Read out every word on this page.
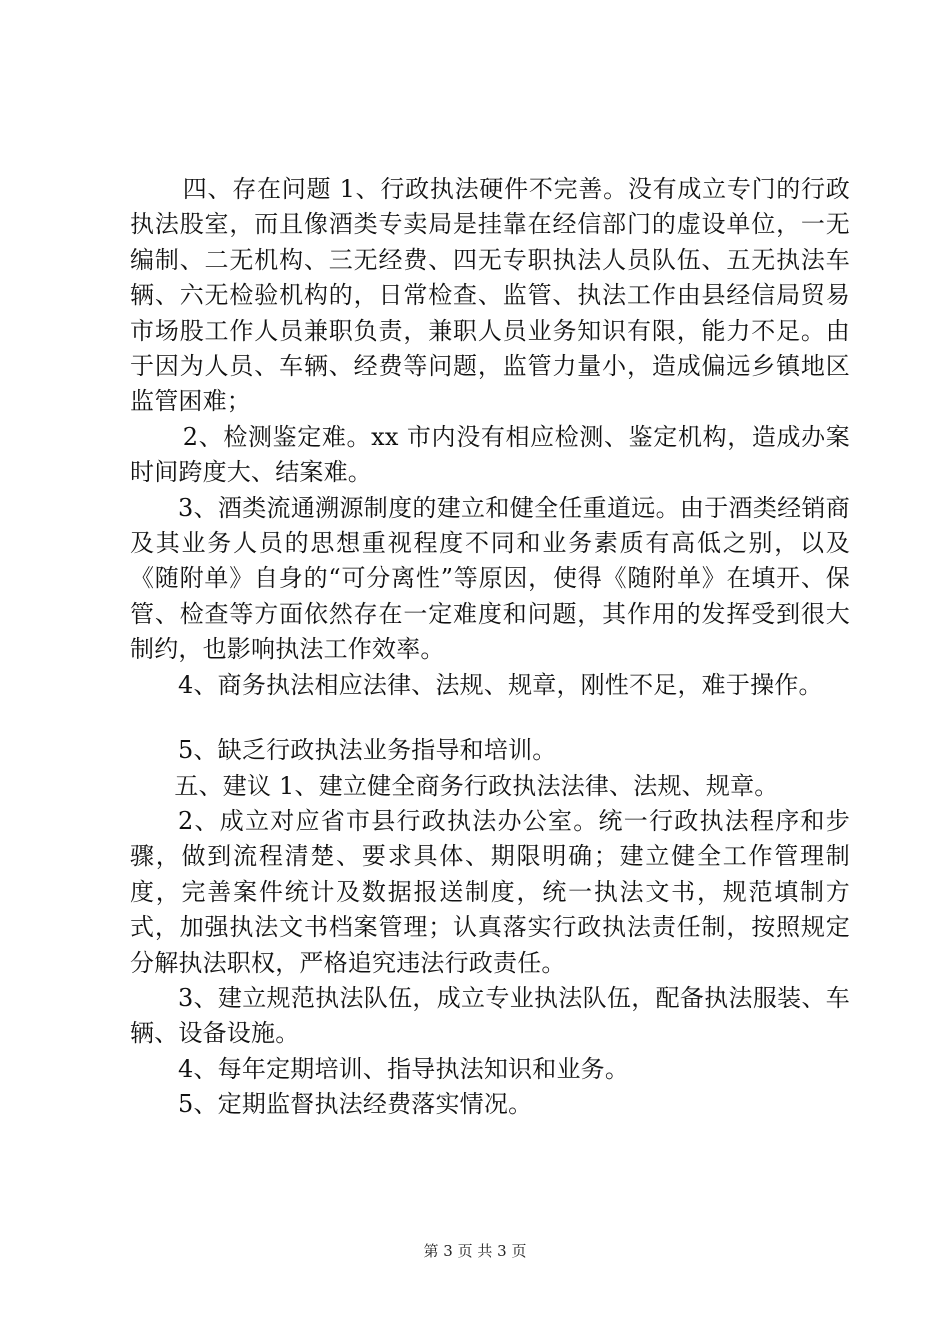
四、存在问题 1、行政执法硬件不完善。没有成立专门的行政执法股室，而且像酒类专卖局是挂靠在经信部门的虚设单位，一无编制、二无机构、三无经费、四无专职执法人员队伍、五无执法车辆、六无检验机构的，日常检查、监管、执法工作由县经信局贸易市场股工作人员兼职负责，兼职人员业务知识有限，能力不足。由于因为人员、车辆、经费等问题，监管力量小，造成偏远乡镇地区监管困难；

2、检测鉴定难。xx 市内没有相应检测、鉴定机构，造成办案时间跨度大、结案难。

3、酒类流通溯源制度的建立和健全任重道远。由于酒类经销商及其业务人员的思想重视程度不同和业务素质有高低之别，以及《随附单》自身的“可分离性”等原因，使得《随附单》在填开、保管、检查等方面依然存在一定难度和问题，其作用的发挥受到很大制约，也影响执法工作效率。

4、商务执法相应法律、法规、规章，刚性不足，难于操作。

5、缺乏行政执法业务指导和培训。

五、建议 1、建立健全商务行政执法法律、法规、规章。

2、成立对应省市县行政执法办公室。统一行政执法程序和步骤，做到流程清楚、要求具体、期限明确；建立健全工作管理制度，完善案件统计及数据报送制度，统一执法文书，规范填制方式，加强执法文书档案管理；认真落实行政执法责任制，按照规定分解执法职权，严格追究违法行政责任。

3、建立规范执法队伍，成立专业执法队伍，配备执法服装、车辆、设备设施。

4、每年定期培训、指导执法知识和业务。

5、定期监督执法经费落实情况。

第 3 页 共 3 页
